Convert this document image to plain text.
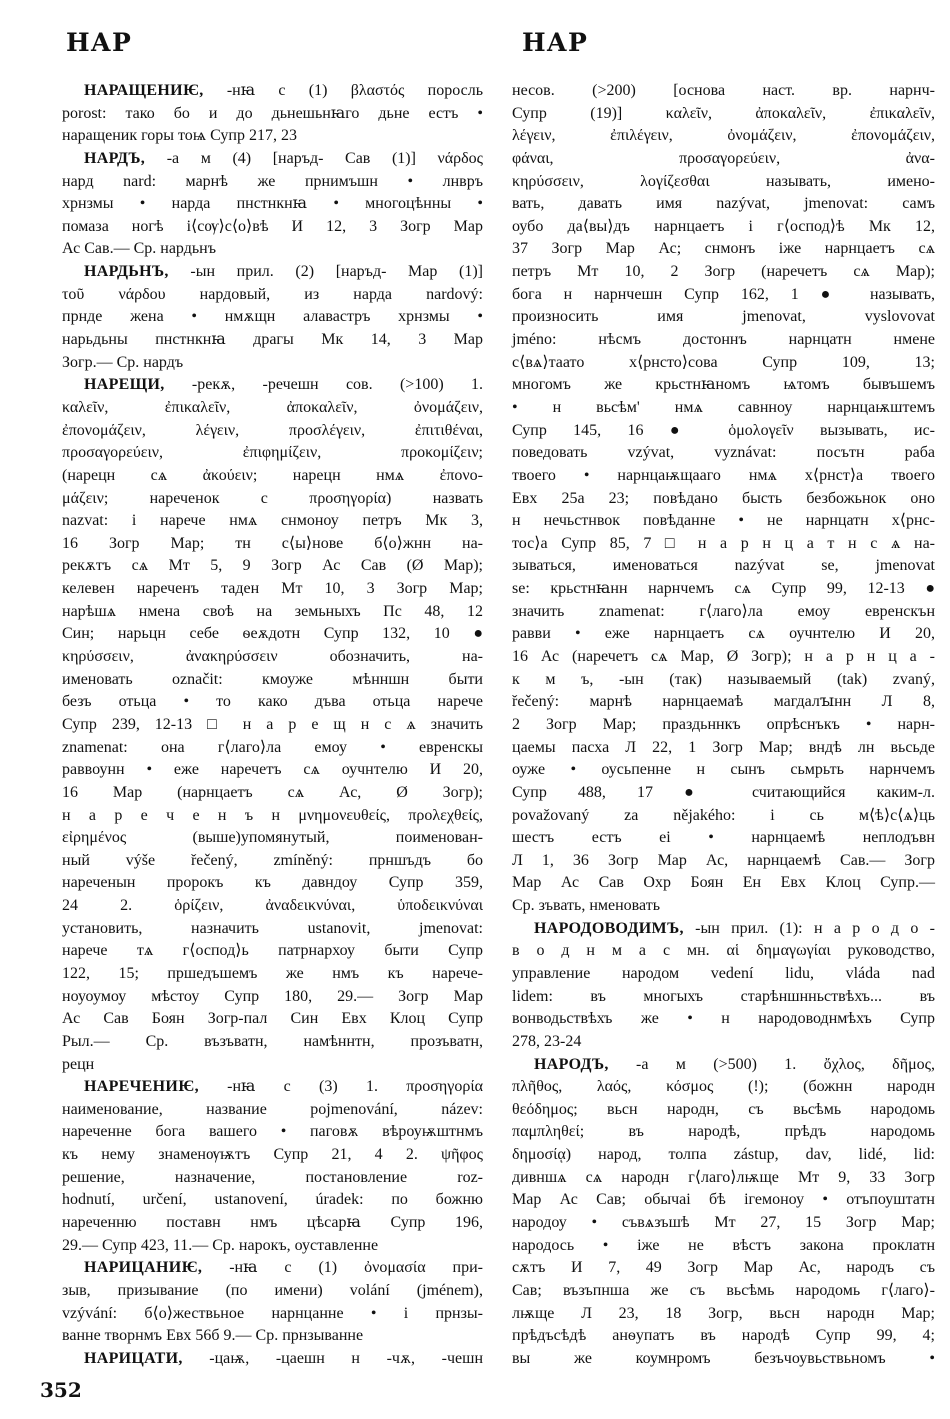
НАР	НАР
НАРАЩЕНИѤ, -нꙗ с (1) βλαστός поросль
porost: тако бо и до дьнешьнꙗго дьне естъ •
наращеник горы тоѩ Супр 217, 23
НАРДЪ, -а м (4) [наръд- Сав (1)] νάρδος
нард nard: марнѣ же прнимъшн • лнвръ
хрнзмы • нарда пнстнкнꙗ • многоцѣнны •
помаза ногѣ і⟨сѹ⟩с⟨о⟩вѣ И 12, 3 Зогр Мар
Ас Сав.— Ср. нардьнъ
НАРДЬНЪ, -ын прил. (2) [наръд- Мар (1)]
τοῦ νάρδου нардовый, из нарда nardový:
прнде жена • нмѫщн алавастръ хрнзмы •
нарьдьны пнстнкнꙗ драгы Мк 14, 3 Мар
Зогр.— Ср. нардъ
НАРЕЩИ, -рекѫ, -речешн сов. (>100) 1.
καλεῖν, ἐπικαλεῖν, ἀποκαλεῖν, ὀνομάζειν,
ἐπονομάζειν, λέγειν, προσλέγειν, ἐπιτιθέναι,
προσαγορεύειν, ἐπιφημίζειν, προκομίζειν;
(нарецн сѧ ἀκούειν; нарецн нмѧ ἐπονο-
μάζειν; нареченок с προσηγορία) назвать
nazvat: і нарече нмѧ снмоноу петръ Мк 3,
16 Зогр Мар; тн с⟨ы⟩нове б⟨о⟩жнн на-
рекѫтъ сѧ Мт 5, 9 Зогр Ас Сав (Ø Мар);
келевен нареченъ таден Мт 10, 3 Зогр Мар;
нарѣшѧ нмена своѣ на земьныхъ Пс 48, 12
Син; нарьцн себе ѳеѫдотн Супр 132, 10 ●
κηρύσσειν, ἀνακηρύσσειν обозначить, на-
именовать označit: кмоуже мѣнншн быти
безъ отьца • то како дъва отьца нарече
Супр 239, 12-13 □ н а р е щ н с ѧ значить
znamenat: она г⟨лаго⟩ла емоу • евренскы
раввоунн • еже наречетъ сѧ оучнтелю И 20,
16 Мар (нарнцаетъ сѧ Ас, Ø Зогр);
н а р е ч е н ъ н μνημονευθείς, προλεχθείς,
εἰρημένος (выше)упомянутый, поименован-
ный výše řečený, zmíněný: прншъдъ бо
нареченын пророкъ къ давндоу Супр 359,
24 2. ὁρίζειν, ἀναδεικνύναι, ὑποδεικνύναι
установить, назначить ustanovit, jmenovat:
нарече тѧ г⟨оспод⟩ь патрнархоу быти Супр
122, 15; пршедъшемъ же нмъ къ нарече-
ноуоумоу мѣстоу Супр 180, 29.— Зогр Мар
Ас Сав Боян Зогр-пал Син Евх Клоц Супр
Рыл.— Ср. възъватн, намѣннтн, прозъватн,
рецн
НАРЕЧЕНИѤ, -нꙗ с (3) 1. προσηγορία
наименование, название pojmenování, název:
нареченне бога вашего • паговѫ вѣроуѭштнмъ
къ нему знаменѹѭтъ Супр 21, 4 2. ψῆφος
решение, назначение, постановление roz-
hodnutí, určení, ustanovení, úradek: по божню
нареченню поставн нмъ цѣсарꙗ Супр 196,
29.— Супр 423, 11.— Ср. нарокъ, оуставленне
НАРИЦАНИѤ, -нꙗ с (1) ὀνομασία при-
зыв, призывание (по имени) volání (jménem),
vzývání: б⟨о⟩жествьное нарнцанне • і прнзы-
ванне творнмъ Евх 56б 9.— Ср. прнзыванне
НАРИЦАТИ, -цаѭ, -цаешн н -чѫ, -чешн
несов. (>200) [основа наст. вр. нарнч-
Супр (19)] καλεῖν, ἀποκαλεῖν, ἐπικαλεῖν,
λέγειν, ἐπιλέγειν, ὀνομάζειν, ἐπονομάζειν,
φάναι, προσαγορεύειν, ἀνα-
κηρύσσειν, λογίζεσθαι называть, имено-
вать, давать имя nazývat, jmenovat: самъ
оубо да⟨вы⟩дъ нарнцаетъ і г⟨оспод⟩ѣ Мк 12,
37 Зогр Мар Ас; снмонъ іже нарнцаетъ сѧ
петръ Мт 10, 2 Зогр (наречетъ сѧ Мар);
бога н нарнчешн Супр 162, 1 ● называть,
произносить имя jmenovat, vyslovovat
jméno: нѣсмъ достоннъ нарнцатн нмене
с⟨вѧ⟩таато х⟨рнсто⟩сова Супр 109, 13;
многомъ же крьстнꙗномъ ѩтомъ бывъшемъ
• н вьсѣм' нмѧ савнноу нарнцаѭштемъ
Супр 145, 16 ● ὁμολογεῖν вызывать, ис-
поведовать vzývat, vyznávat: посътн раба
твоего • нарнцаѭщааго нмѧ х⟨рнст⟩а твоего
Евх 25а 23; повѣдано бысть безбожьнок оно
н нечьстнвок повѣданне • не нарнцатн х⟨рнс-
тос⟩а Супр 85, 7 □ н а р н ц а т н с ѧ на-
зываться, именоваться nazývat se, jmenovat
se: крьстнꙗнн нарнчемъ сѧ Супр 99, 12-13 ●
значить znamenat: г⟨лаго⟩ла емоу евренскън
равви • еже нарнцаетъ сѧ оучнтелю И 20,
16 Ас (наречетъ сѧ Мар, Ø Зогр); н а р н ц а -
к м ъ, -ын (так) называемый (tak) zvaný,
řečený: марнѣ нарнцаемаѣ магдалꙑнн Л 8,
2 Зогр Мар; праздьннкъ опрѣснъкъ • нарн-
цаемы пасха Л 22, 1 Зогр Мар; вндѣ лн вьсьде
оуже • оусьпенне н сынъ сьмрьть нарнчемъ
Супр 488, 17 ● считающийся каким-л.
považovaný za nějakého: і сь м⟨ѣ⟩с⟨ѧ⟩ць
шестъ естъ еі • нарнцаемѣ неплодъвн
Л 1, 36 Зогр Мар Ас, нарнцаемѣ Сав.— Зогр
Мар Ас Сав Охр Боян Ен Евх Клоц Супр.—
Ср. зъвать, нменовать
НАРОДОВОДИМЪ, -ын прил. (1): н а р о д о -
в о д н м а с мн. αἱ δημαγωγίαι руководство,
управление народом vedení lidu, vláda nad
lidem: въ многыхъ старѣншнньствѣхъ... въ
вонводьствѣхъ же • н народоводнмѣхъ Супр
278, 23-24
НАРОДЪ, -а м (>500) 1. ὄχλος, δῆμος,
πλῆθος, λαός, κόσμος (!); (божнн народн
θεόδημος; вьсн народн, съ вьсѣмь народомь
παμπληθεί; въ народѣ, прѣдъ народомь
δημοσίᾳ) народ, толпа zástup, dav, lidé, lid:
дивншѧ сѧ народн г⟨лаго⟩лѭще Мт 9, 33 Зогр
Мар Ас Сав; обычаі бѣ ігемоноу • отъпоуштатн
народоу • съвѧзъшѣ Мт 27, 15 Зогр Мар;
народось • іже не вѣстъ закона проклатн
сѫтъ И 7, 49 Зогр Мар Ас, народъ съ
Сав; възъпнша же съ вьсѣмь народомь г⟨лаго⟩-
лѭще Л 23, 18 Зогр, вьсн народн Мар;
прѣдъсѣдѣ анѳупатъ въ народѣ Супр 99, 4;
вы же коумнромъ безъчоувьствьномъ •
352
